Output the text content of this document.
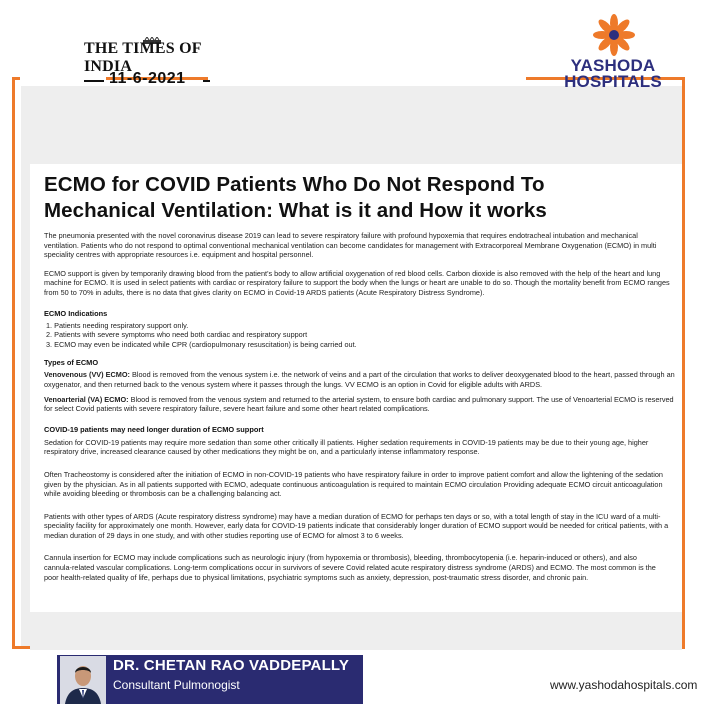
THE TIMES OF INDIA
11-6-2021
YASHODA
HOSPITALS
ECMO for COVID Patients Who Do Not Respond To Mechanical Ventilation: What is it and How it works

The pneumonia presented with the novel coronavirus disease 2019 can lead to severe respiratory failure with profound hypoxemia that requires endotracheal intubation and mechanical ventilation. Patients who do not respond to optimal conventional mechanical ventilation can become candidates for management with Extracorporeal Membrane Oxygenation (ECMO) in multi speciality centres with appropriate resources i.e. equipment and hospital personnel.

ECMO support is given by temporarily drawing blood from the patient's body to allow artificial oxygenation of red blood cells. Carbon dioxide is also removed with the help of the heart and lung machine for ECMO. It is used in select patients with cardiac or respiratory failure to support the body when the lungs or heart are unable to do so. Though the mortality benefit from ECMO ranges from 50 to 70% in adults, there is no data that gives clarity on ECMO in Covid-19 ARDS patients (Acute Respiratory Distress Syndrome).

ECMO Indications
1. Patients needing respiratory support only.
2. Patients with severe symptoms who need both cardiac and respiratory support
3. ECMO may even be indicated while CPR (cardiopulmonary resuscitation) is being carried out.
Types of ECMO

Venovenous (VV) ECMO: Blood is removed from the venous system i.e. the network of veins and a part of the circulation that works to deliver deoxygenated blood to the heart, passed through an oxygenator, and then returned back to the venous system where it passes through the lungs. VV ECMO is an option in Covid for eligible adults with ARDS.

Venoarterial (VA) ECMO: Blood is removed from the venous system and returned to the arterial system, to ensure both cardiac and pulmonary support. The use of Venoarterial ECMO is reserved for select Covid patients with severe respiratory failure, severe heart failure and some other heart related complications.

COVID-19 patients may need longer duration of ECMO support

Sedation for COVID-19 patients may require more sedation than some other critically ill patients. Higher sedation requirements in COVID-19 patients may be due to their young age, higher respiratory drive, increased clearance caused by other medications they might be on, and a particularly intense inflammatory response.

Often Tracheostomy is considered after the initiation of ECMO in non-COVID-19 patients who have respiratory failure in order to improve patient comfort and allow the lightening of the sedation given by the physician. As in all patients supported with ECMO, adequate continuous anticoagulation is required to maintain ECMO circulation Providing adequate ECMO circuit anticoagulation while avoiding bleeding or thrombosis can be a challenging balancing act.

Patients with other types of ARDS (Acute respiratory distress syndrome) may have a median duration of ECMO for perhaps ten days or so, with a total length of stay in the ICU ward of a multi-speciality facility for approximately one month. However, early data for COVID-19 patients indicate that considerably longer duration of ECMO support would be needed for critical patients, with a median duration of 29 days in one study, and with other studies reporting use of ECMO for almost 3 to 6 weeks.

Cannula insertion for ECMO may include complications such as neurologic injury (from hypoxemia or thrombosis), bleeding, thrombocytopenia (i.e. heparin-induced or others), and also cannula-related vascular complications. Long-term complications occur in survivors of severe Covid related acute respiratory distress syndrome (ARDS) and ECMO. The most common is the poor health-related quality of life, perhaps due to physical limitations, psychiatric symptoms such as anxiety, depression, post-traumatic stress disorder, and chronic pain.

DR. CHETAN RAO VADDEPALLY
Consultant Pulmonogist	www.yashodahospitals.com
